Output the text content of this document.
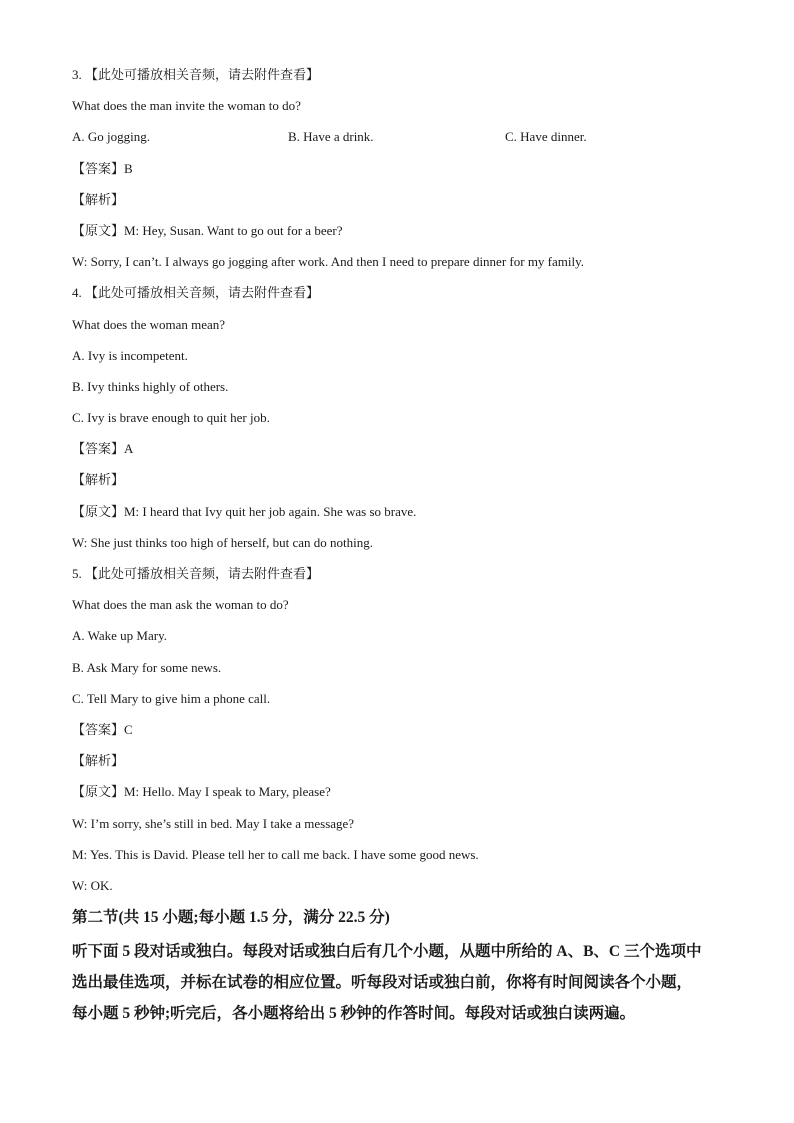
3. 【此处可播放相关音频，请去附件查看】
What does the man invite the woman to do?
A. Go jogging.	B. Have a drink.	C. Have dinner.
【答案】B
【解析】
【原文】M: Hey, Susan. Want to go out for a beer?
W: Sorry, I can’t. I always go jogging after work. And then I need to prepare dinner for my family.
4. 【此处可播放相关音频，请去附件查看】
What does the woman mean?
A. Ivy is incompetent.
B. Ivy thinks highly of others.
C. Ivy is brave enough to quit her job.
【答案】A
【解析】
【原文】M: I heard that Ivy quit her job again. She was so brave.
W: She just thinks too high of herself, but can do nothing.
5. 【此处可播放相关音频，请去附件查看】
What does the man ask the woman to do?
A. Wake up Mary.
B. Ask Mary for some news.
C. Tell Mary to give him a phone call.
【答案】C
【解析】
【原文】M: Hello. May I speak to Mary, please?
W: I’m sorry, she’s still in bed. May I take a message?
M: Yes. This is David. Please tell her to call me back. I have some good news.
W: OK.
第二节(共 15 小题;每小题 1.5 分，满分 22.5 分)
听下面 5 段对话或独白。每段对话或独白后有几个小题，从题中所给的 A、B、C 三个选项中
选出最佳选项，并标在试卷的相应位置。听每段对话或独白前，你将有时间阅读各个小题，
每小题 5 秒钟;听完后，各小题将给出 5 秒钟的作答时间。每段对话或独白读两遍。
